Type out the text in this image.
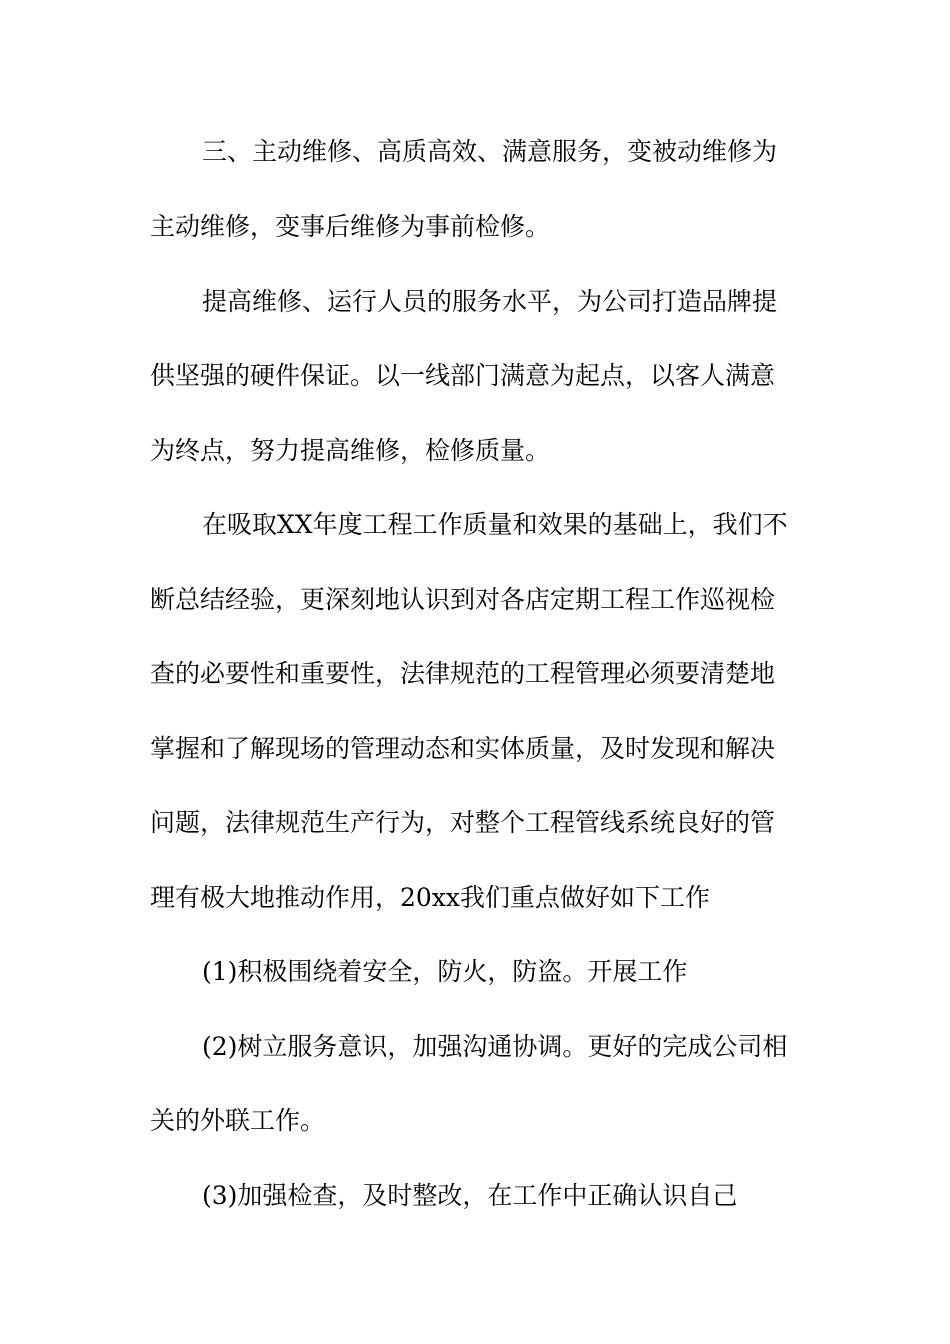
三、主动维修、高质高效、满意服务，变被动维修为
主动维修，变事后维修为事前检修。
提高维修、运行人员的服务水平，为公司打造品牌提
供坚强的硬件保证。以一线部门满意为起点，以客人满意
为终点，努力提高维修，检修质量。
在吸取XX年度工程工作质量和效果的基础上，我们不
断总结经验，更深刻地认识到对各店定期工程工作巡视检
查的必要性和重要性，法律规范的工程管理必须要清楚地
掌握和了解现场的管理动态和实体质量，及时发现和解决
问题，法律规范生产行为，对整个工程管线系统良好的管
理有极大地推动作用，20xx我们重点做好如下工作
(1)积极围绕着安全，防火，防盗。开展工作
(2)树立服务意识，加强沟通协调。更好的完成公司相
关的外联工作。
(3)加强检查，及时整改，在工作中正确认识自己
